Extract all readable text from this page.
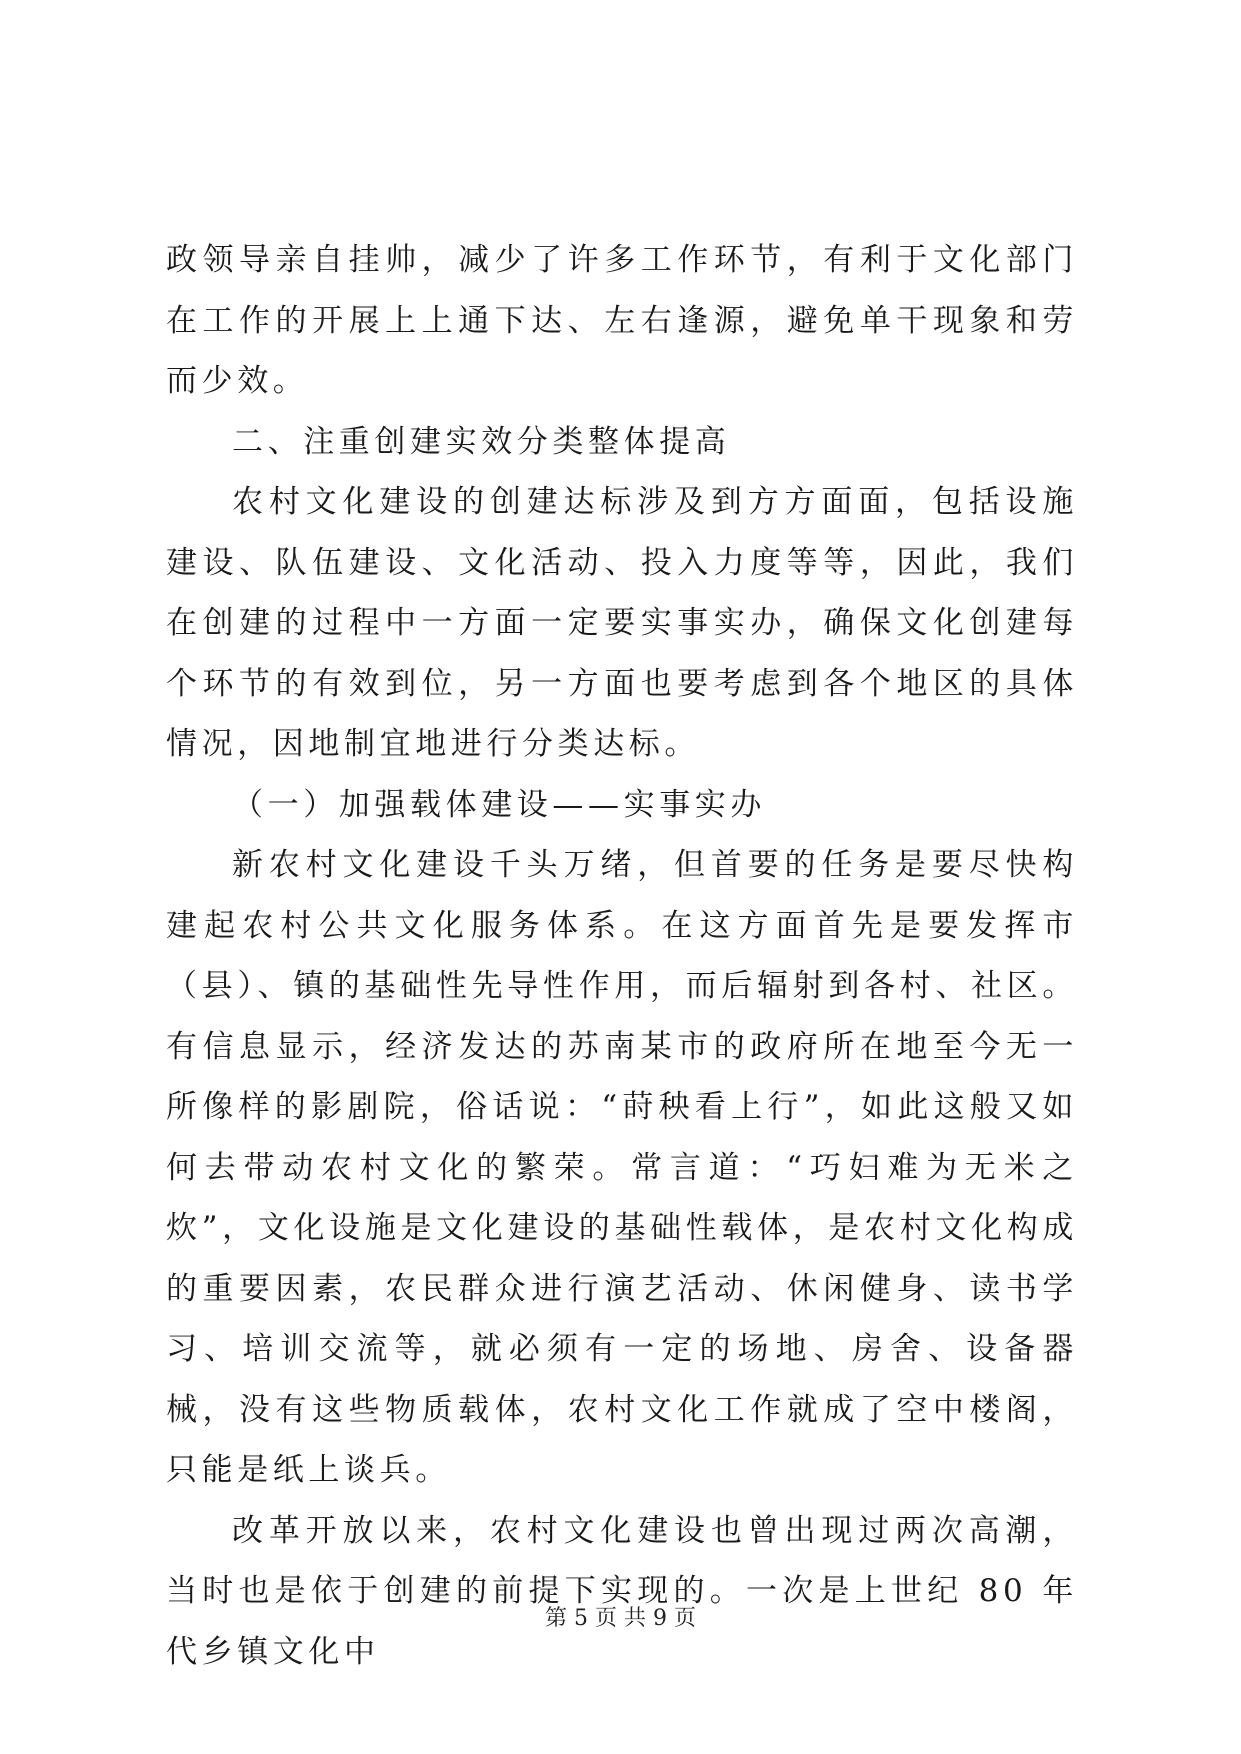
政领导亲自挂帅，减少了许多工作环节，有利于文化部门在工作的开展上上通下达、左右逢源，避免单干现象和劳而少效。

二、注重创建实效分类整体提高

农村文化建设的创建达标涉及到方方面面，包括设施建设、队伍建设、文化活动、投入力度等等，因此，我们在创建的过程中一方面一定要实事实办，确保文化创建每个环节的有效到位，另一方面也要考虑到各个地区的具体情况，因地制宜地进行分类达标。

（一）加强载体建设——实事实办

新农村文化建设千头万绪，但首要的任务是要尽快构建起农村公共文化服务体系。在这方面首先是要发挥市（县）、镇的基础性先导性作用，而后辐射到各村、社区。有信息显示，经济发达的苏南某市的政府所在地至今无一所像样的影剧院，俗话说：“莳秧看上行”，如此这般又如何去带动农村文化的繁荣。常言道：“巧妇难为无米之炊”，文化设施是文化建设的基础性载体，是农村文化构成的重要因素，农民群众进行演艺活动、休闲健身、读书学习、培训交流等，就必须有一定的场地、房舍、设备器械，没有这些物质载体，农村文化工作就成了空中楼阁，只能是纸上谈兵。

改革开放以来，农村文化建设也曾出现过两次高潮，当时也是依于创建的前提下实现的。一次是上世纪 80 年代乡镇文化中

第 5 页 共 9 页
